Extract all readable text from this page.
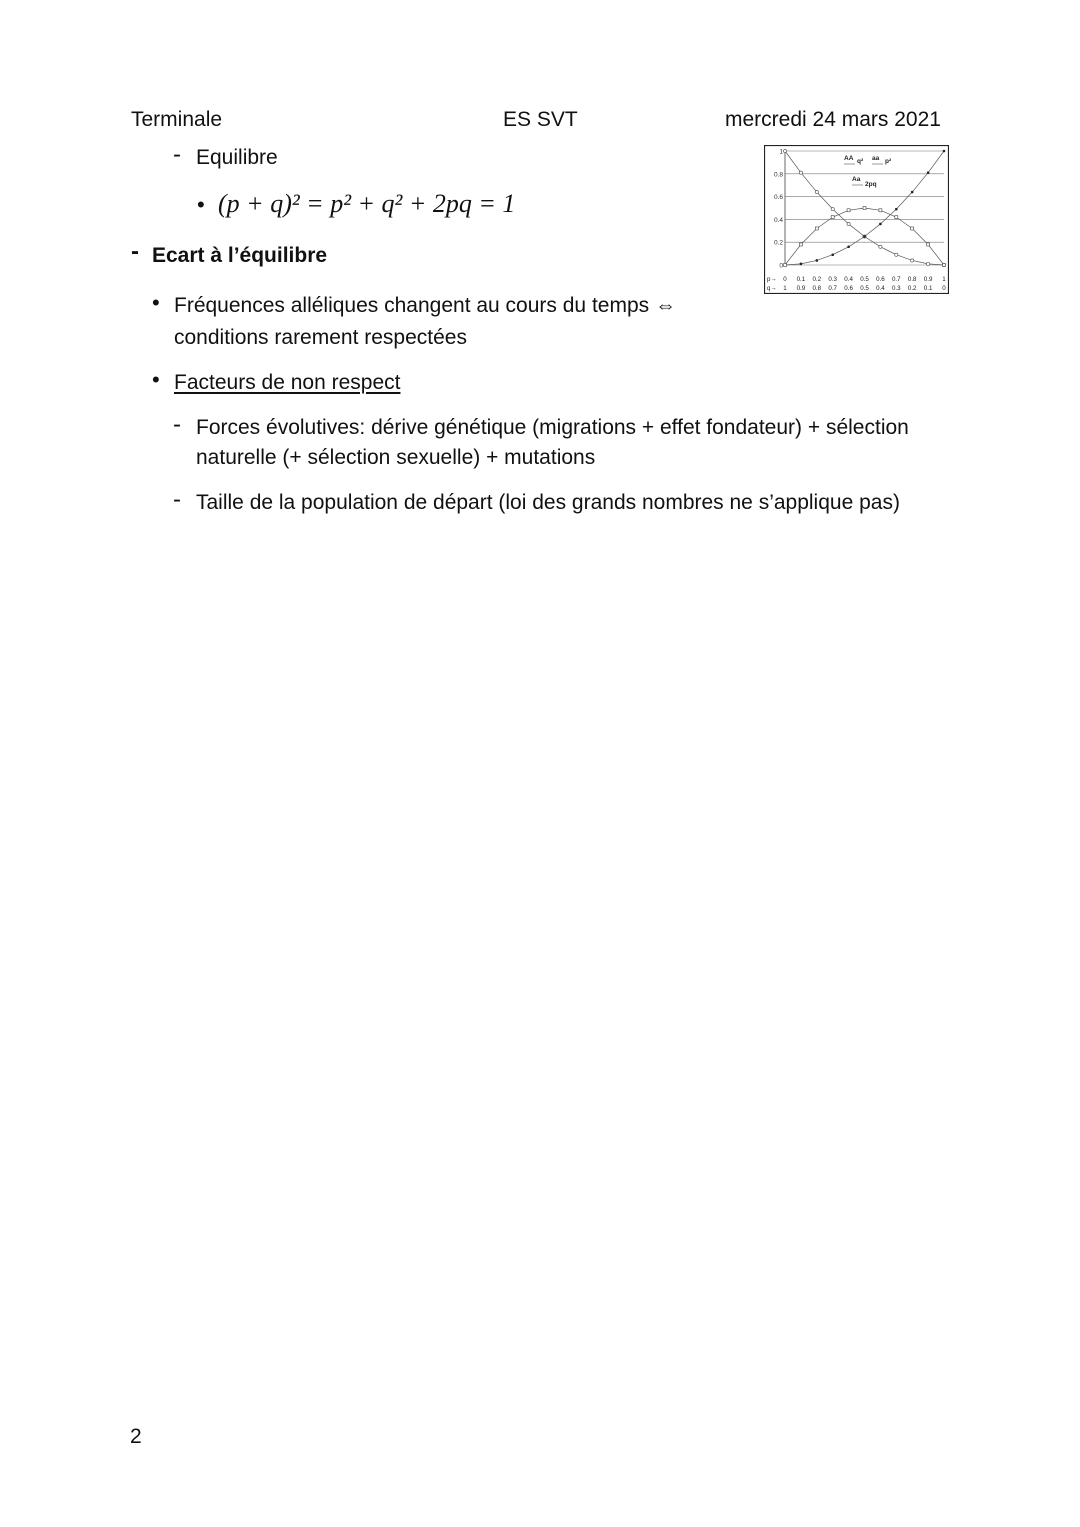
Terminale	ES SVT	mercredi 24 mars 2021
- Equilibre
• (p + q)² = p² + q² + 2pq = 1
- Ecart à l’équilibre
• Fréquences alléliques changent au cours du temps ⇔
conditions rarement respectées
• Facteurs de non respect
- Forces évolutives: dérive génétique (migrations + effet fondateur) + sélection
naturelle (+ sélection sexuelle) + mutations
- Taille de la population de départ (loi des grands nombres ne s’applique pas)
2
0
0.2
0.4
0.6
0.8
1
p→
q→
0
1
0.1
0.9
0.2
0.8
0.3
0.7
0.4
0.6
0.5
0.5
0.6
0.4
0.7
0.3
0.8
0.2
0.9
0.1
1
0
AA q² aa p²
Aa
2pq
